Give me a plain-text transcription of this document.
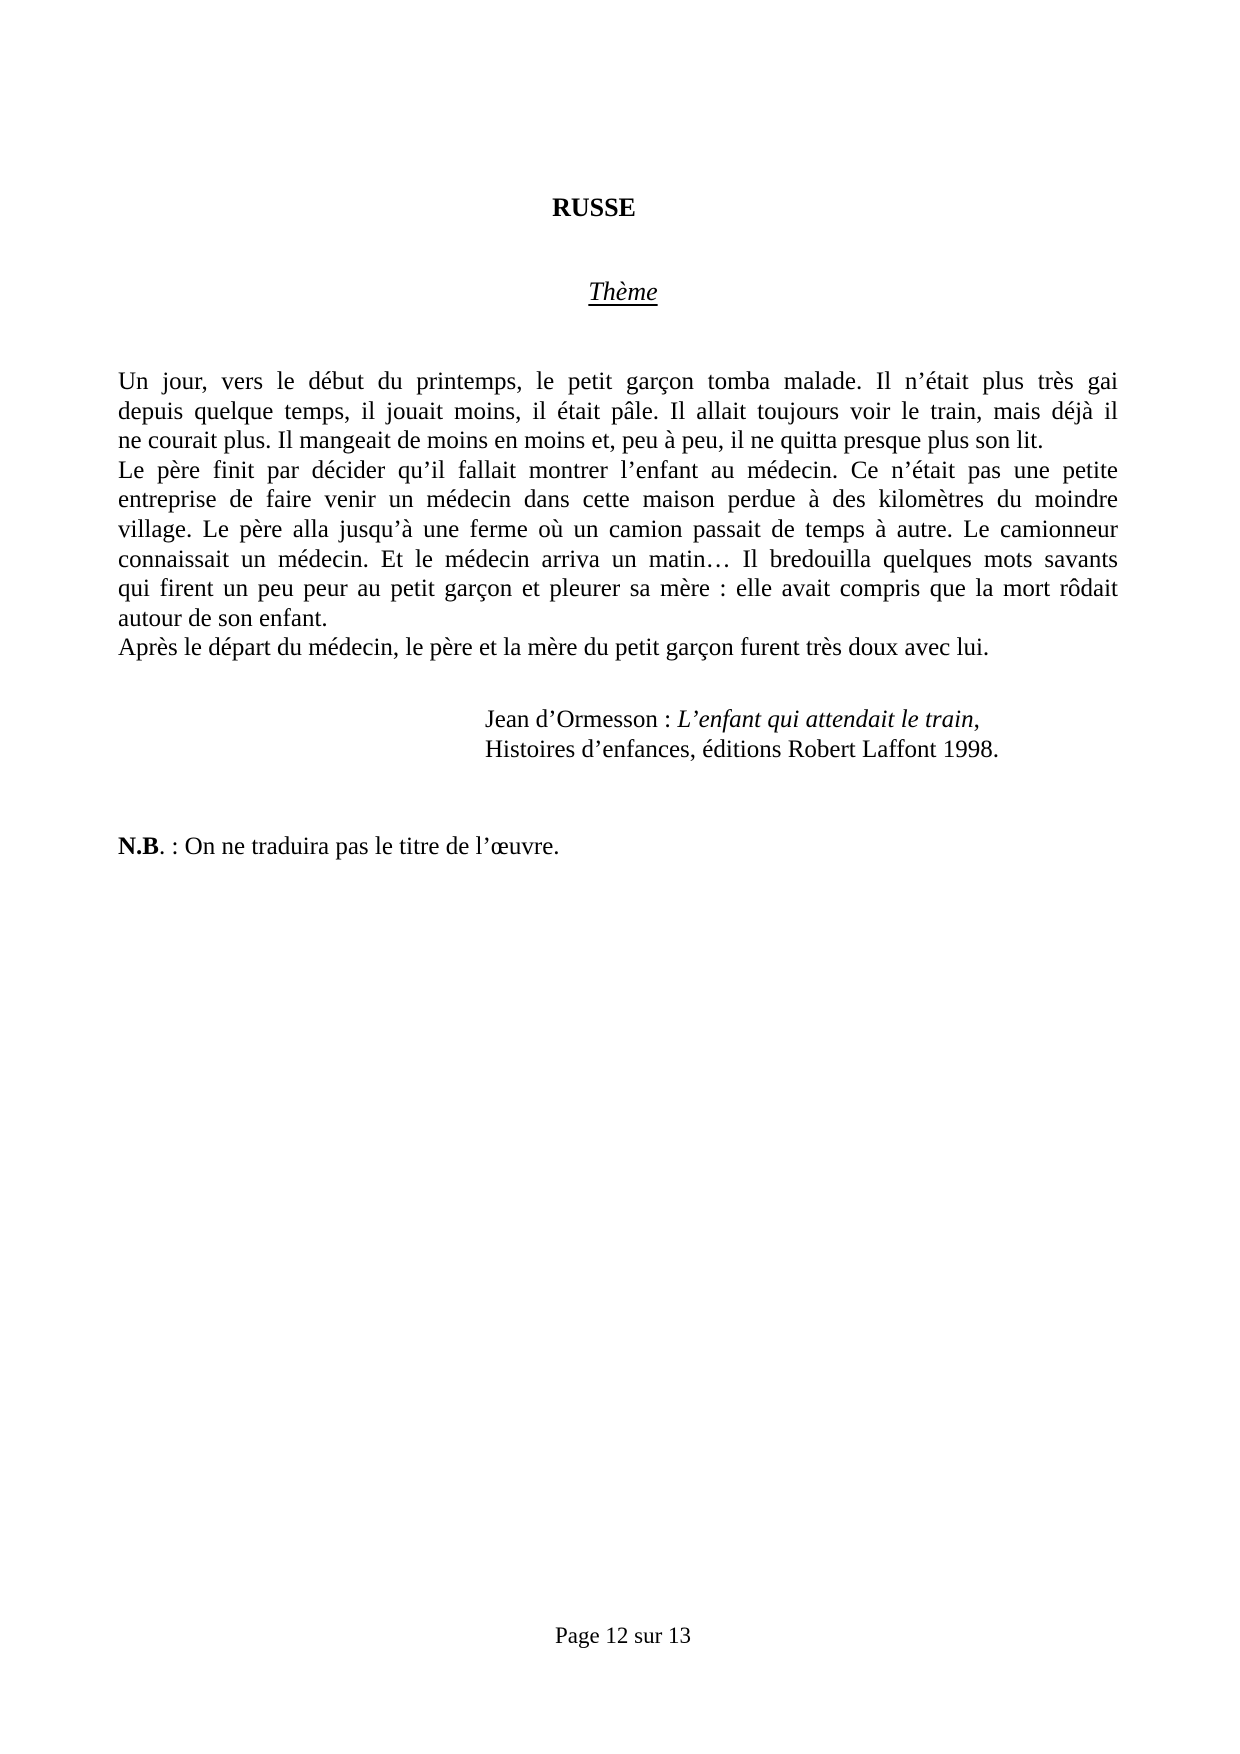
RUSSE
Thème
Un jour, vers le début du printemps, le petit garçon tomba malade. Il n’était plus très gai
depuis quelque temps, il jouait moins, il était pâle. Il allait toujours voir le train, mais déjà il
ne courait plus. Il mangeait de moins en moins et, peu à peu, il ne quitta presque plus son lit.
Le père finit par décider qu’il fallait montrer l’enfant au médecin. Ce n’était pas une petite
entreprise de faire venir un médecin dans cette maison perdue à des kilomètres du moindre
village. Le père alla jusqu’à une ferme où un camion passait de temps à autre. Le camionneur
connaissait un médecin. Et le médecin arriva un matin… Il bredouilla quelques mots savants
qui firent un peu peur au petit garçon et pleurer sa mère : elle avait compris que la mort rôdait
autour de son enfant.
Après le départ du médecin, le père et la mère du petit garçon furent très doux avec lui.
Jean d’Ormesson : L’enfant qui attendait le train,
Histoires d’enfances, éditions Robert Laffont 1998.
N.B. : On ne traduira pas le titre de l’œuvre.
Page 12 sur 13
